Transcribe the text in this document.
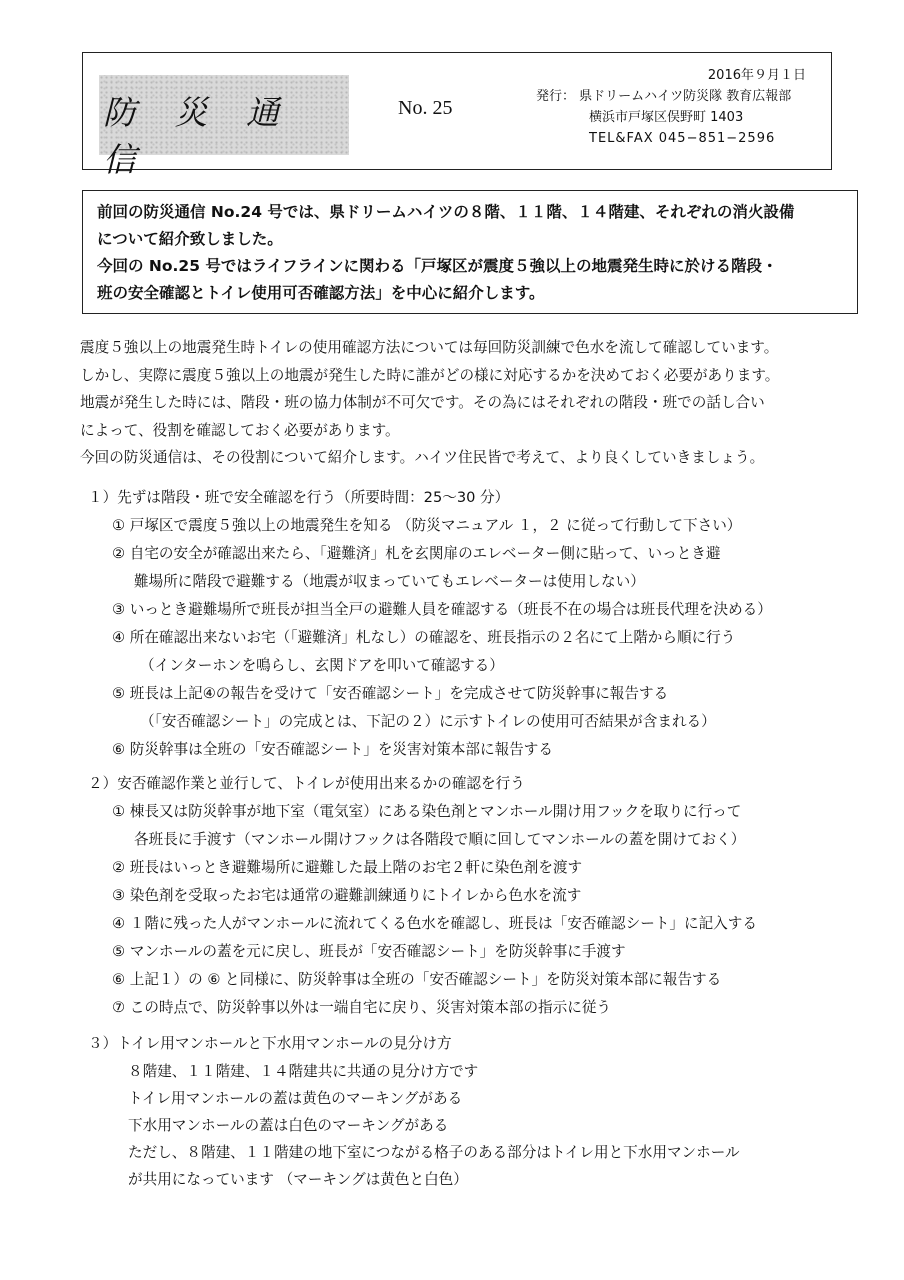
防 災 通 信
No. 25
2016年９月１日
発行： 県ドリームハイツ防災隊 教育広報部
横浜市戸塚区俣野町 1403
TEL&FAX 045−851−2596
前回の防災通信 No.24 号では、県ドリームハイツの８階、１１階、１４階建、それぞれの消火設備
について紹介致しました。
今回の No.25 号ではライフラインに関わる「戸塚区が震度５強以上の地震発生時に於ける階段・
班の安全確認とトイレ使用可否確認方法」を中心に紹介します。
震度５強以上の地震発生時トイレの使用確認方法については毎回防災訓練で色水を流して確認しています。
しかし、実際に震度５強以上の地震が発生した時に誰がどの様に対応するかを決めておく必要があります。
地震が発生した時には、階段・班の協力体制が不可欠です。その為にはそれぞれの階段・班での話し合い
によって、役割を確認しておく必要があります。
今回の防災通信は、その役割について紹介します。ハイツ住民皆で考えて、より良くしていきましょう。
１）先ずは階段・班で安全確認を行う（所要時間：25〜30 分）
① 戸塚区で震度５強以上の地震発生を知る （防災マニュアル １，２ に従って行動して下さい）
② 自宅の安全が確認出来たら、「避難済」札を玄関扉のエレベーター側に貼って、いっとき避
難場所に階段で避難する（地震が収まっていてもエレベーターは使用しない）
③ いっとき避難場所で班長が担当全戸の避難人員を確認する（班長不在の場合は班長代理を決める）
④ 所在確認出来ないお宅（「避難済」札なし）の確認を、班長指示の２名にて上階から順に行う
（インターホンを鳴らし、玄関ドアを叩いて確認する）
⑤ 班長は上記④の報告を受けて「安否確認シート」を完成させて防災幹事に報告する
（「安否確認シート」の完成とは、下記の２）に示すトイレの使用可否結果が含まれる）
⑥ 防災幹事は全班の「安否確認シート」を災害対策本部に報告する
２）安否確認作業と並行して、トイレが使用出来るかの確認を行う
① 棟長又は防災幹事が地下室（電気室）にある染色剤とマンホール開け用フックを取りに行って
各班長に手渡す（マンホール開けフックは各階段で順に回してマンホールの蓋を開けておく）
② 班長はいっとき避難場所に避難した最上階のお宅２軒に染色剤を渡す
③ 染色剤を受取ったお宅は通常の避難訓練通りにトイレから色水を流す
④ １階に残った人がマンホールに流れてくる色水を確認し、班長は「安否確認シート」に記入する
⑤ マンホールの蓋を元に戻し、班長が「安否確認シート」を防災幹事に手渡す
⑥ 上記１）の ⑥ と同様に、防災幹事は全班の「安否確認シート」を防災対策本部に報告する
⑦ この時点で、防災幹事以外は一端自宅に戻り、災害対策本部の指示に従う
３）トイレ用マンホールと下水用マンホールの見分け方
８階建、１１階建、１４階建共に共通の見分け方です
トイレ用マンホールの蓋は黄色のマーキングがある
下水用マンホールの蓋は白色のマーキングがある
ただし、８階建、１１階建の地下室につながる格子のある部分はトイレ用と下水用マンホール
が共用になっています （マーキングは黄色と白色）
